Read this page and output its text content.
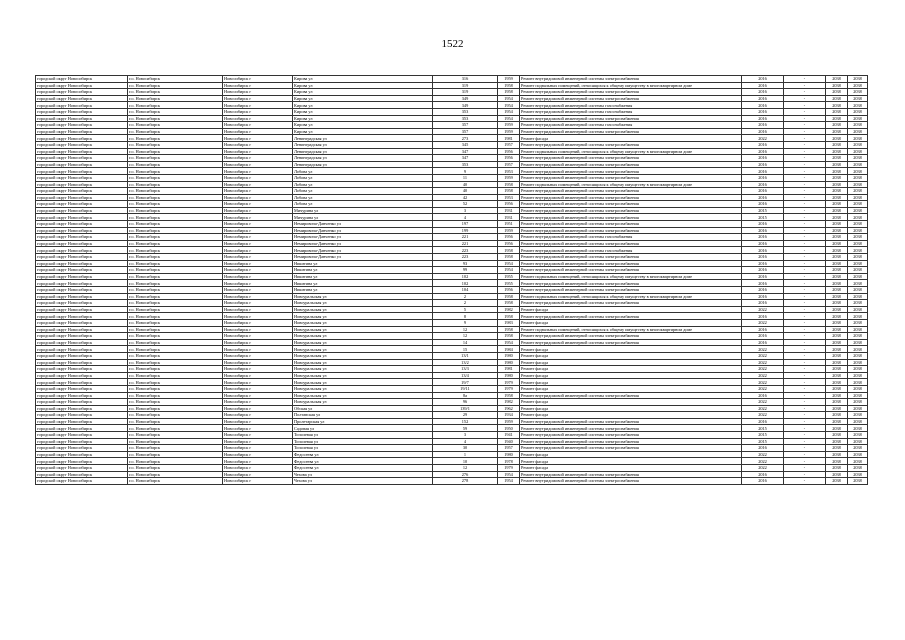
1522
городской округ Новосибирск	г.о. Новосибирск	Новосибирск г	Кирова ул	316	1959	Ремонт внутридомовой инженерной системы электроснабжения	2016	-	2038	2038
городской округ Новосибирск	г.о. Новосибирск	Новосибирск г	Кирова ул	319	1958	Ремонт подвальных помещений, относящихся к общему имуществу в многоквартирном доме	2016	-	2038	2038
городской округ Новосибирск	г.о. Новосибирск	Новосибирск г	Кирова ул	319	1958	Ремонт внутридомовой инженерной системы электроснабжения	2016	-	2038	2038
городской округ Новосибирск	г.о. Новосибирск	Новосибирск г	Кирова ул	349	1954	Ремонт внутридомовой инженерной системы электроснабжения	2016	-	2038	2038
городской округ Новосибирск	г.о. Новосибирск	Новосибирск г	Кирова ул	349	1954	Ремонт внутридомовой инженерной системы газоснабжения	2016	-	2038	2038
городской округ Новосибирск	г.о. Новосибирск	Новосибирск г	Кирова ул	353	1954	Ремонт внутридомовой инженерной системы газоснабжения	2016	-	2038	2038
городской округ Новосибирск	г.о. Новосибирск	Новосибирск г	Кирова ул	353	1954	Ремонт внутридомовой инженерной системы электроснабжения	2016	-	2038	2038
городской округ Новосибирск	г.о. Новосибирск	Новосибирск г	Кирова ул	357	1959	Ремонт внутридомовой инженерной системы газоснабжения	2016	-	2038	2038
городской округ Новосибирск	г.о. Новосибирск	Новосибирск г	Кирова ул	357	1959	Ремонт внутридомовой инженерной системы электроснабжения	2016	-	2038	2038
городской округ Новосибирск	г.о. Новосибирск	Новосибирск г	Ленинградская ул	273	1981	Ремонт фасада	2022	-	2038	2038
городской округ Новосибирск	г.о. Новосибирск	Новосибирск г	Ленинградская ул	345	1957	Ремонт внутридомовой инженерной системы электроснабжения	2016	-	2038	2038
городской округ Новосибирск	г.о. Новосибирск	Новосибирск г	Ленинградская ул	347	1956	Ремонт подвальных помещений, относящихся к общему имуществу в многоквартирном доме	2016	-	2038	2038
городской округ Новосибирск	г.о. Новосибирск	Новосибирск г	Ленинградская ул	347	1956	Ремонт внутридомовой инженерной системы электроснабжения	2016	-	2038	2038
городской округ Новосибирск	г.о. Новосибирск	Новосибирск г	Ленинградская ул	353	1957	Ремонт внутридомовой инженерной системы электроснабжения	2016	-	2038	2038
городской округ Новосибирск	г.о. Новосибирск	Новосибирск г	Лобова ул	9	1953	Ремонт внутридомовой инженерной системы электроснабжения	2016	-	2038	2038
городской округ Новосибирск	г.о. Новосибирск	Новосибирск г	Лобова ул	11	1959	Ремонт внутридомовой инженерной системы электроснабжения	2016	-	2038	2038
городской округ Новосибирск	г.о. Новосибирск	Новосибирск г	Лобова ул	40	1958	Ремонт подвальных помещений, относящихся к общему имуществу в многоквартирном доме	2016	-	2038	2038
городской округ Новосибирск	г.о. Новосибирск	Новосибирск г	Лобова ул	40	1958	Ремонт внутридомовой инженерной системы электроснабжения	2016	-	2038	2038
городской округ Новосибирск	г.о. Новосибирск	Новосибирск г	Лобова ул	42	1953	Ремонт внутридомовой инженерной системы электроснабжения	2016	-	2038	2038
городской округ Новосибирск	г.о. Новосибирск	Новосибирск г	Лобова ул	52	1956	Ремонт внутридомовой инженерной системы электроснабжения	2016	-	2038	2038
городской округ Новосибирск	г.о. Новосибирск	Новосибирск г	Мичурина ул	3	1931	Ремонт внутридомовой инженерной системы электроснабжения	2015	-	2038	2038
городской округ Новосибирск	г.о. Новосибирск	Новосибирск г	Мичурина ул	4	1931	Ремонт внутридомовой инженерной системы электроснабжения	2015	-	2038	2038
городской округ Новосибирск	г.о. Новосибирск	Новосибирск г	Немировича-Данченко ул	197	1951	Ремонт внутридомовой инженерной системы электроснабжения	2016	-	2038	2038
городской округ Новосибирск	г.о. Новосибирск	Новосибирск г	Немировича-Данченко ул	199	1959	Ремонт внутридомовой инженерной системы электроснабжения	2016	-	2038	2038
городской округ Новосибирск	г.о. Новосибирск	Новосибирск г	Немировича-Данченко ул	221	1956	Ремонт внутридомовой инженерной системы газоснабжения	2016	-	2038	2038
городской округ Новосибирск	г.о. Новосибирск	Новосибирск г	Немировича-Данченко ул	221	1956	Ремонт внутридомовой инженерной системы электроснабжения	2016	-	2038	2038
городской округ Новосибирск	г.о. Новосибирск	Новосибирск г	Немировича-Данченко ул	223	1958	Ремонт внутридомовой инженерной системы газоснабжения	2016	-	2038	2038
городской округ Новосибирск	г.о. Новосибирск	Новосибирск г	Немировича-Данченко ул	223	1958	Ремонт внутридомовой инженерной системы электроснабжения	2016	-	2038	2038
городской округ Новосибирск	г.о. Новосибирск	Новосибирск г	Никитина ул	93	1954	Ремонт внутридомовой инженерной системы электроснабжения	2016	-	2038	2038
городской округ Новосибирск	г.о. Новосибирск	Новосибирск г	Никитина ул	99	1954	Ремонт внутридомовой инженерной системы электроснабжения	2016	-	2038	2038
городской округ Новосибирск	г.о. Новосибирск	Новосибирск г	Никитина ул	102	1955	Ремонт подвальных помещений, относящихся к общему имуществу в многоквартирном доме	2016	-	2038	2038
городской округ Новосибирск	г.о. Новосибирск	Новосибирск г	Никитина ул	102	1955	Ремонт внутридомовой инженерной системы электроснабжения	2016	-	2038	2038
городской округ Новосибирск	г.о. Новосибирск	Новосибирск г	Никитина ул	104	1956	Ремонт внутридомовой инженерной системы электроснабжения	2016	-	2038	2038
городской округ Новосибирск	г.о. Новосибирск	Новосибирск г	Новоуральская ул	2	1958	Ремонт подвальных помещений, относящихся к общему имуществу в многоквартирном доме	2016	-	2038	2038
городской округ Новосибирск	г.о. Новосибирск	Новосибирск г	Новоуральская ул	2	1958	Ремонт внутридомовой инженерной системы электроснабжения	2016	-	2038	2038
городской округ Новосибирск	г.о. Новосибирск	Новосибирск г	Новоуральская ул	5	1982	Ремонт фасада	2022	-	2038	2038
городской округ Новосибирск	г.о. Новосибирск	Новосибирск г	Новоуральская ул	8	1958	Ремонт внутридомовой инженерной системы электроснабжения	2016	-	2038	2038
городской округ Новосибирск	г.о. Новосибирск	Новосибирск г	Новоуральская ул	9	1983	Ремонт фасада	2022	-	2038	2038
городской округ Новосибирск	г.о. Новосибирск	Новосибирск г	Новоуральская ул	12	1958	Ремонт подвальных помещений, относящихся к общему имуществу в многоквартирном доме	2016	-	2038	2038
городской округ Новосибирск	г.о. Новосибирск	Новосибирск г	Новоуральская ул	12	1958	Ремонт внутридомовой инженерной системы электроснабжения	2016	-	2038	2038
городской округ Новосибирск	г.о. Новосибирск	Новосибирск г	Новоуральская ул	14	1954	Ремонт внутридомовой инженерной системы электроснабжения	2016	-	2038	2038
городской округ Новосибирск	г.о. Новосибирск	Новосибирск г	Новоуральская ул	15	1984	Ремонт фасада	2022	-	2038	2038
городской округ Новосибирск	г.о. Новосибирск	Новосибирск г	Новоуральская ул	13/1	1980	Ремонт фасада	2022	-	2038	2038
городской округ Новосибирск	г.о. Новосибирск	Новосибирск г	Новоуральская ул	13/2	1980	Ремонт фасада	2022	-	2038	2038
городской округ Новосибирск	г.о. Новосибирск	Новосибирск г	Новоуральская ул	13/3	1981	Ремонт фасада	2022	-	2038	2038
городской округ Новосибирск	г.о. Новосибирск	Новосибирск г	Новоуральская ул	13/4	1980	Ремонт фасада	2022	-	2038	2038
городской округ Новосибирск	г.о. Новосибирск	Новосибирск г	Новоуральская ул	19/7	1979	Ремонт фасада	2022	-	2038	2038
городской округ Новосибирск	г.о. Новосибирск	Новосибирск г	Новоуральская ул	19/11	1979	Ремонт фасада	2022	-	2038	2038
городской округ Новосибирск	г.о. Новосибирск	Новосибирск г	Новоуральская ул	8а	1958	Ремонт внутридомовой инженерной системы электроснабжения	2016	-	2038	2038
городской округ Новосибирск	г.о. Новосибирск	Новосибирск г	Новоуральская ул	96	1982	Ремонт фасада	2022	-	2038	2038
городской округ Новосибирск	г.о. Новосибирск	Новосибирск г	Обская ул	139/1	1962	Ремонт фасада	2022	-	2038	2038
городской округ Новосибирск	г.о. Новосибирск	Новосибирск г	Полтавская ул	29	1934	Ремонт фасада	2022	-	2038	2038
городской округ Новосибирск	г.о. Новосибирск	Новосибирск г	Пролетарская ул	152	1959	Ремонт внутридомовой инженерной системы электроснабжения	2016	-	2038	2038
городской округ Новосибирск	г.о. Новосибирск	Новосибирск г	Садовая ул	59	1950	Ремонт внутридомовой инженерной системы электроснабжения	2015	-	2038	2038
городской округ Новосибирск	г.о. Новосибирск	Новосибирск г	Тополевая ул	3	1941	Ремонт внутридомовой инженерной системы электроснабжения	2015	-	2038	2038
городской округ Новосибирск	г.о. Новосибирск	Новосибирск г	Тополевая ул	4	1940	Ремонт внутридомовой инженерной системы электроснабжения	2015	-	2038	2038
городской округ Новосибирск	г.о. Новосибирск	Новосибирск г	Тополевая ул	30	1957	Ремонт внутридомовой инженерной системы электроснабжения	2016	-	2038	2038
городской округ Новосибирск	г.о. Новосибирск	Новосибирск г	Федосеева ул	1	1980	Ремонт фасада	2022	-	2038	2038
городской округ Новосибирск	г.о. Новосибирск	Новосибирск г	Федосеева ул	10	1978	Ремонт фасада	2022	-	2038	2038
городской округ Новосибирск	г.о. Новосибирск	Новосибирск г	Федосеева ул	12	1979	Ремонт фасада	2022	-	2038	2038
городской округ Новосибирск	г.о. Новосибирск	Новосибирск г	Чехова ул	276	1954	Ремонт внутридомовой инженерной системы электроснабжения	2016	-	2038	2038
городской округ Новосибирск	г.о. Новосибирск	Новосибирск г	Чехова ул	278	1954	Ремонт внутридомовой инженерной системы электроснабжения	2016	-	2038	2038
